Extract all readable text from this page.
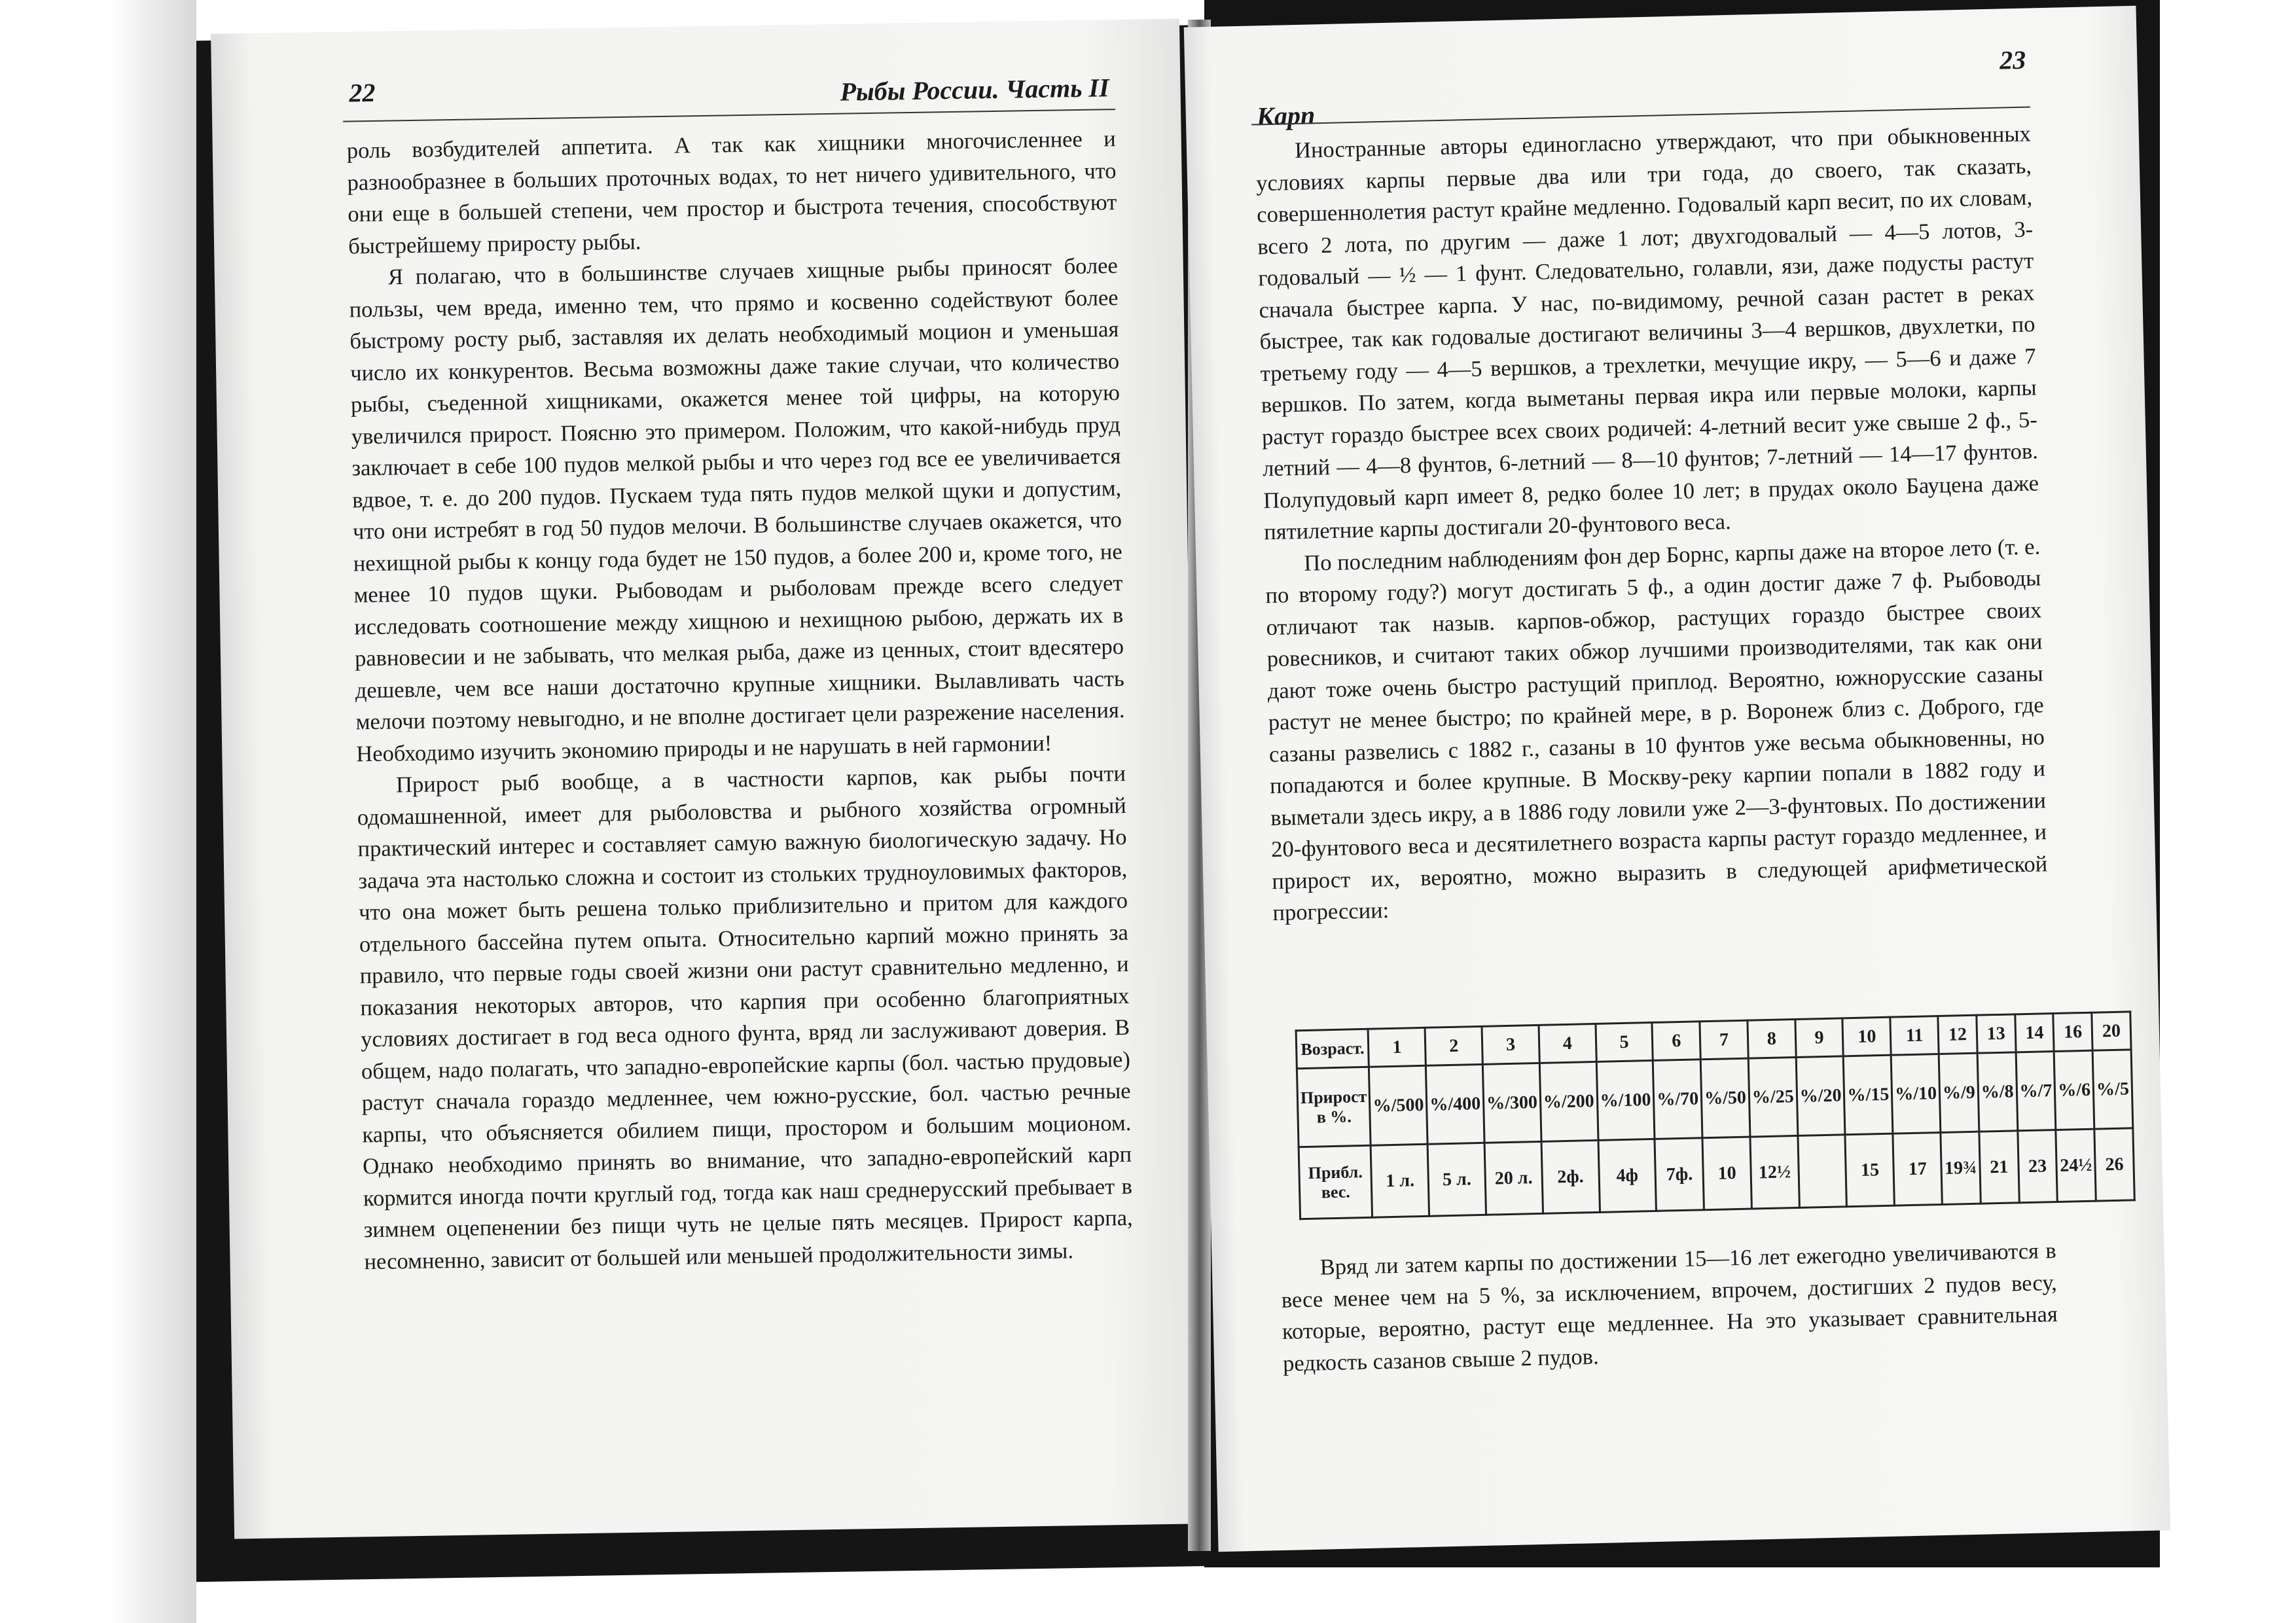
22	Рыбы России. Часть II

роль возбудителей аппетита. А так как хищники многочисленнее и разнообразнее в больших проточных водах, то нет ничего удивительного, что они еще в большей степени, чем простор и быстрота течения, способствуют быстрейшему приросту рыбы.

Я полагаю, что в большинстве случаев хищные рыбы приносят более пользы, чем вреда, именно тем, что прямо и косвенно содействуют более быстрому росту рыб, заставляя их делать необходимый моцион и уменьшая число их конкурентов. Весьма возможны даже такие случаи, что количество рыбы, съеденной хищниками, окажется менее той цифры, на которую увеличился прирост. Поясню это примером. Положим, что какой-нибудь пруд заключает в себе 100 пудов мелкой рыбы и что через год все ее увеличивается вдвое, т. е. до 200 пудов. Пускаем туда пять пудов мелкой щуки и допустим, что они истребят в год 50 пудов мелочи. В большинстве случаев окажется, что нехищной рыбы к концу года будет не 150 пудов, а более 200 и, кроме того, не менее 10 пудов щуки. Рыбоводам и рыболовам прежде всего следует исследовать соотношение между хищною и нехищною рыбою, держать их в равновесии и не забывать, что мелкая рыба, даже из ценных, стоит вдесятеро дешевле, чем все наши достаточно крупные хищники. Вылавливать часть мелочи поэтому невыгодно, и не вполне достигает цели разрежение населения. Необходимо изучить экономию природы и не нарушать в ней гармонии!

Прирост рыб вообще, а в частности карпов, как рыбы почти одомашненной, имеет для рыболовства и рыбного хозяйства огромный практический интерес и составляет самую важную биологическую задачу. Но задача эта настолько сложна и состоит из стольких трудноуловимых факторов, что она может быть решена только приблизительно и притом для каждого отдельного бассейна путем опыта. Относительно карпий можно принять за правило, что первые годы своей жизни они растут сравнительно медленно, и показания некоторых авторов, что карпия при особенно благоприятных условиях достигает в год веса одного фунта, вряд ли заслуживают доверия. В общем, надо полагать, что западно-европейские карпы (бол. частью прудовые) растут сначала гораздо медленнее, чем южно-русские, бол. частью речные карпы, что объясняется обилием пищи, простором и большим моционом. Однако необходимо принять во внимание, что западно-европейский карп кормится иногда почти круглый год, тогда как наш среднерусский пребывает в зимнем оцепенении без пищи чуть не целые пять месяцев. Прирост карпа, несомненно, зависит от большей или меньшей продолжительности зимы.

Карп
23

Иностранные авторы единогласно утверждают, что при обыкновенных условиях карпы первые два или три года, до своего, так сказать, совершеннолетия растут крайне медленно. Годовалый карп весит, по их словам, всего 2 лота, по другим — даже 1 лот; двухгодовалый — 4—5 лотов, 3-годовалый — ½ — 1 фунт. Следовательно, голавли, язи, даже подусты растут сначала быстрее карпа. У нас, по-видимому, речной сазан растет в реках быстрее, так как годовалые достигают величины 3—4 вершков, двухлетки, по третьему году — 4—5 вершков, а трехлетки, мечущие икру, — 5—6 и даже 7 вершков. По затем, когда выметаны первая икра или первые молоки, карпы растут гораздо быстрее всех своих родичей: 4-летний весит уже свыше 2 ф., 5-летний — 4—8 фунтов, 6-летний — 8—10 фунтов; 7-летний — 14—17 фунтов. Полупудовый карп имеет 8, редко более 10 лет; в прудах около Бауцена даже пятилетние карпы достигали 20-фунтового веса.

По последним наблюдениям фон дер Борнс, карпы даже на второе лето (т. е. по второму году?) могут достигать 5 ф., а один достиг даже 7 ф. Рыбоводы отличают так назыв. карпов-обжор, растущих гораздо быстрее своих ровесников, и считают таких обжор лучшими производителями, так как они дают тоже очень быстро растущий приплод. Вероятно, южнорусские сазаны растут не менее быстро; по крайней мере, в р. Воронеж близ с. Доброго, где сазаны развелись с 1882 г., сазаны в 10 фунтов уже весьма обыкновенны, но попадаются и более крупные. В Москву-реку карпии попали в 1882 году и выметали здесь икру, а в 1886 году ловили уже 2—3-фунтовых. По достижении 20-фунтового веса и десятилетнего возраста карпы растут гораздо медленнее, и прирост их, вероятно, можно выразить в следующей арифметической прогрессии:

Возраст.	1	2	3	4	5	6	7	8	9	10	11	12	13	14	16	20
Прирост в %.	%/500	%/400	%/300	%/200	%/100	%/70	%/50	%/25	%/20	%/15	%/10	%/9	%/8	%/7	%/6	%/5
Прибл. вес.	1 л.	5 л.	20 л.	2ф.	4ф	7ф.	10	12½		15	17	19¾	21	23	24½	26

Вряд ли затем карпы по достижении 15—16 лет ежегодно увеличиваются в весе менее чем на 5 %, за исключением, впрочем, достигших 2 пудов весу, которые, вероятно, растут еще медленнее. На это указывает сравнительная редкость сазанов свыше 2 пудов.
